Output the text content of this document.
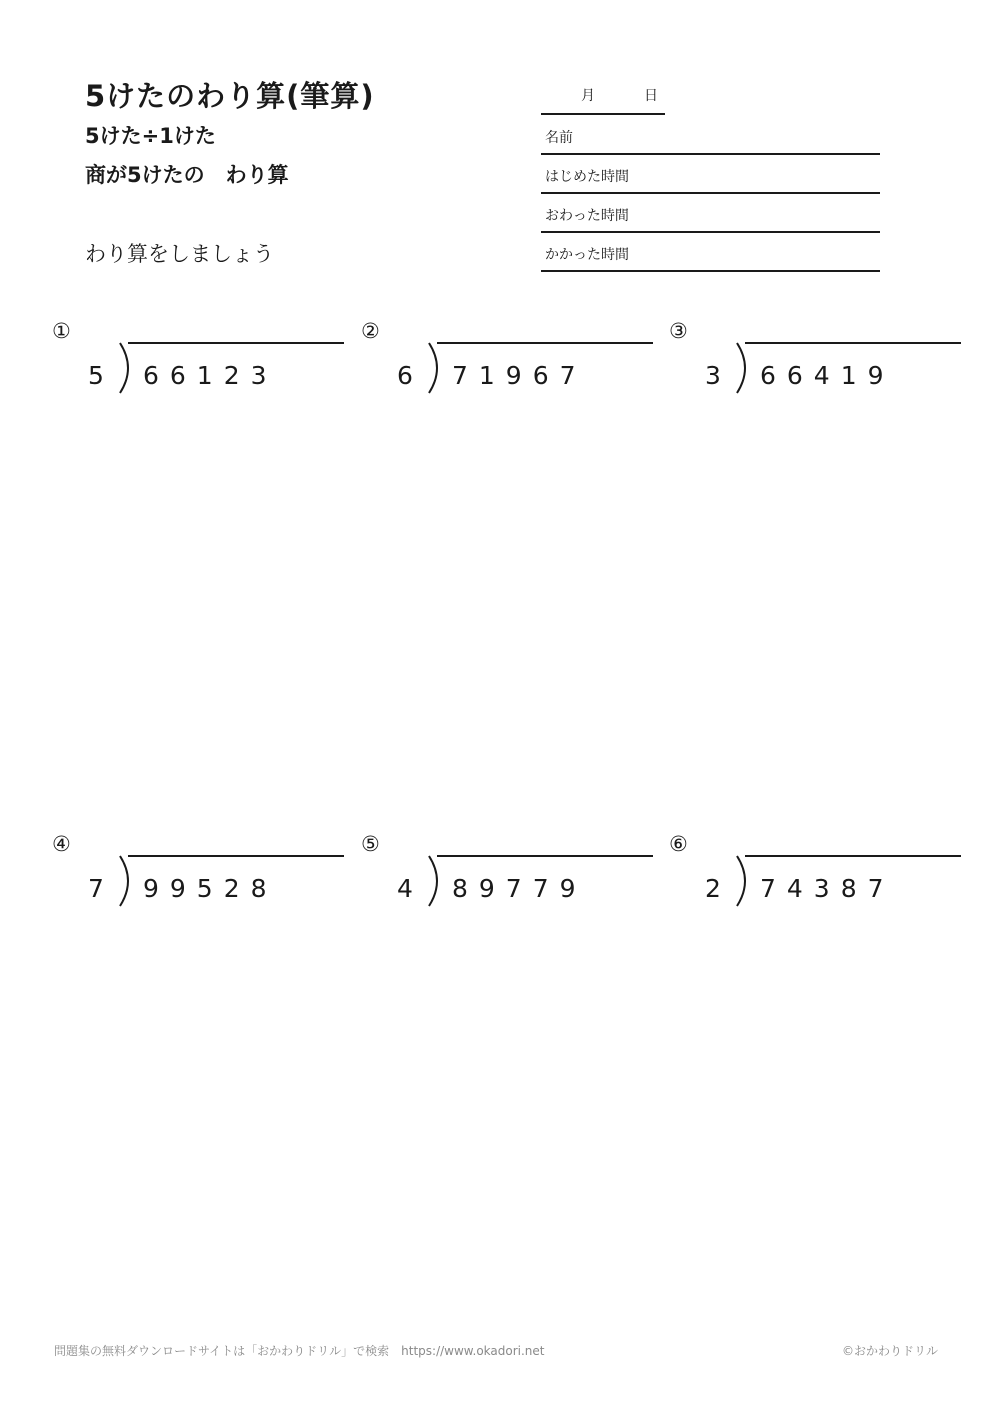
5けたのわり算(筆算)
5けた÷1けた
商が5けたの　わり算
わり算をしましょう
月	日
名前
はじめた時間
おわった時間
かかった時間
①
5 66123
②
6 71967
③
3 66419
④
7 99528
⑤
4 89779
⑥
2 74387
問題集の無料ダウンロードサイトは「おかわりドリル」で検索　https://www.okadori.net	©おかわりドリル
